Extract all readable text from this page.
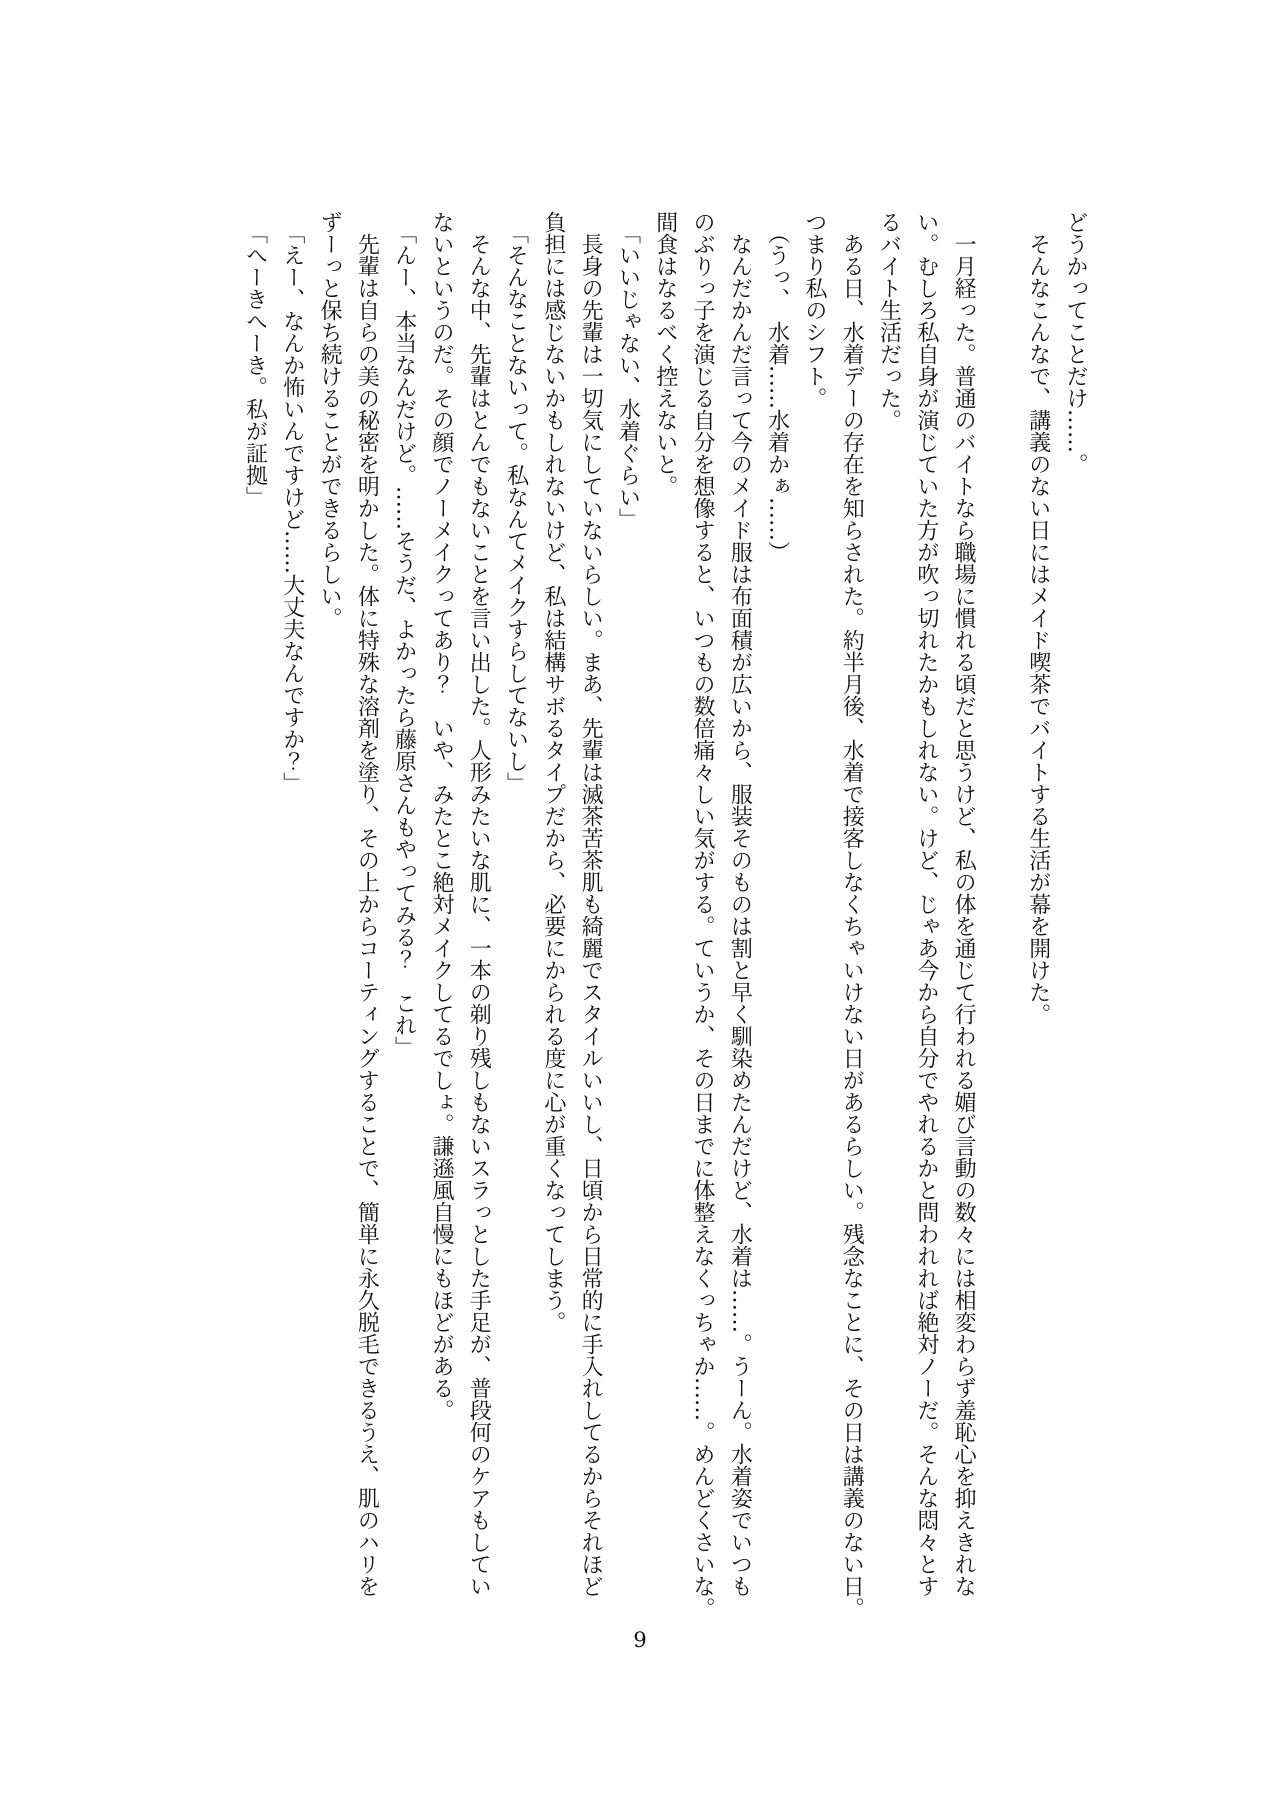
どうかってことだけ……。

そんなこんなで、講義のない日にはメイド喫茶でバイトする生活が幕を開けた。

一月経った。普通のバイトなら職場に慣れる頃だと思うけど、私の体を通じて行われる媚び言動の数々には相変わらず羞恥心を抑えきれな

い。むしろ私自身が演じていた方が吹っ切れたかもしれない。けど、じゃあ今から自分でやれるかと問われれば絶対ノーだ。そんな悶々とす

るバイト生活だった。

ある日、水着デーの存在を知らされた。約半月後、水着で接客しなくちゃいけない日があるらしい。残念なことに、その日は講義のない日。

つまり私のシフト。

（うっ、　水着……水着かぁ……）

なんだかんだ言って今のメイド服は布面積が広いから、服装そのものは割と早く馴染めたんだけど、水着は……。うーん。水着姿でいつも

のぶりっ子を演じる自分を想像すると、いつもの数倍痛々しい気がする。ていうか、その日までに体整えなくっちゃか……。めんどくさいな。

間食はなるべく控えないと。

「いいじゃない、水着ぐらい」

長身の先輩は一切気にしていないらしい。まあ、先輩は滅茶苦茶肌も綺麗でスタイルいいし、日頃から日常的に手入れしてるからそれほど

負担には感じないかもしれないけど、私は結構サボるタイプだから、必要にかられる度に心が重くなってしまう。

「そんなことないって。私なんてメイクすらしてないし」

そんな中、先輩はとんでもないことを言い出した。人形みたいな肌に、一本の剃り残しもないスラっとした手足が、普段何のケアもしてい

ないというのだ。その顔でノーメイクってあり？　いや、みたとこ絶対メイクしてるでしょ。謙遜風自慢にもほどがある。

「んー、本当なんだけど。……そうだ、よかったら藤原さんもやってみる？　これ」

先輩は自らの美の秘密を明かした。体に特殊な溶剤を塗り、その上からコーティングすることで、簡単に永久脱毛できるうえ、肌のハリを

ずーっと保ち続けることができるらしい。

「えー、なんか怖いんですけど……大丈夫なんですか？」

「へーきへーき。私が証拠」

9
